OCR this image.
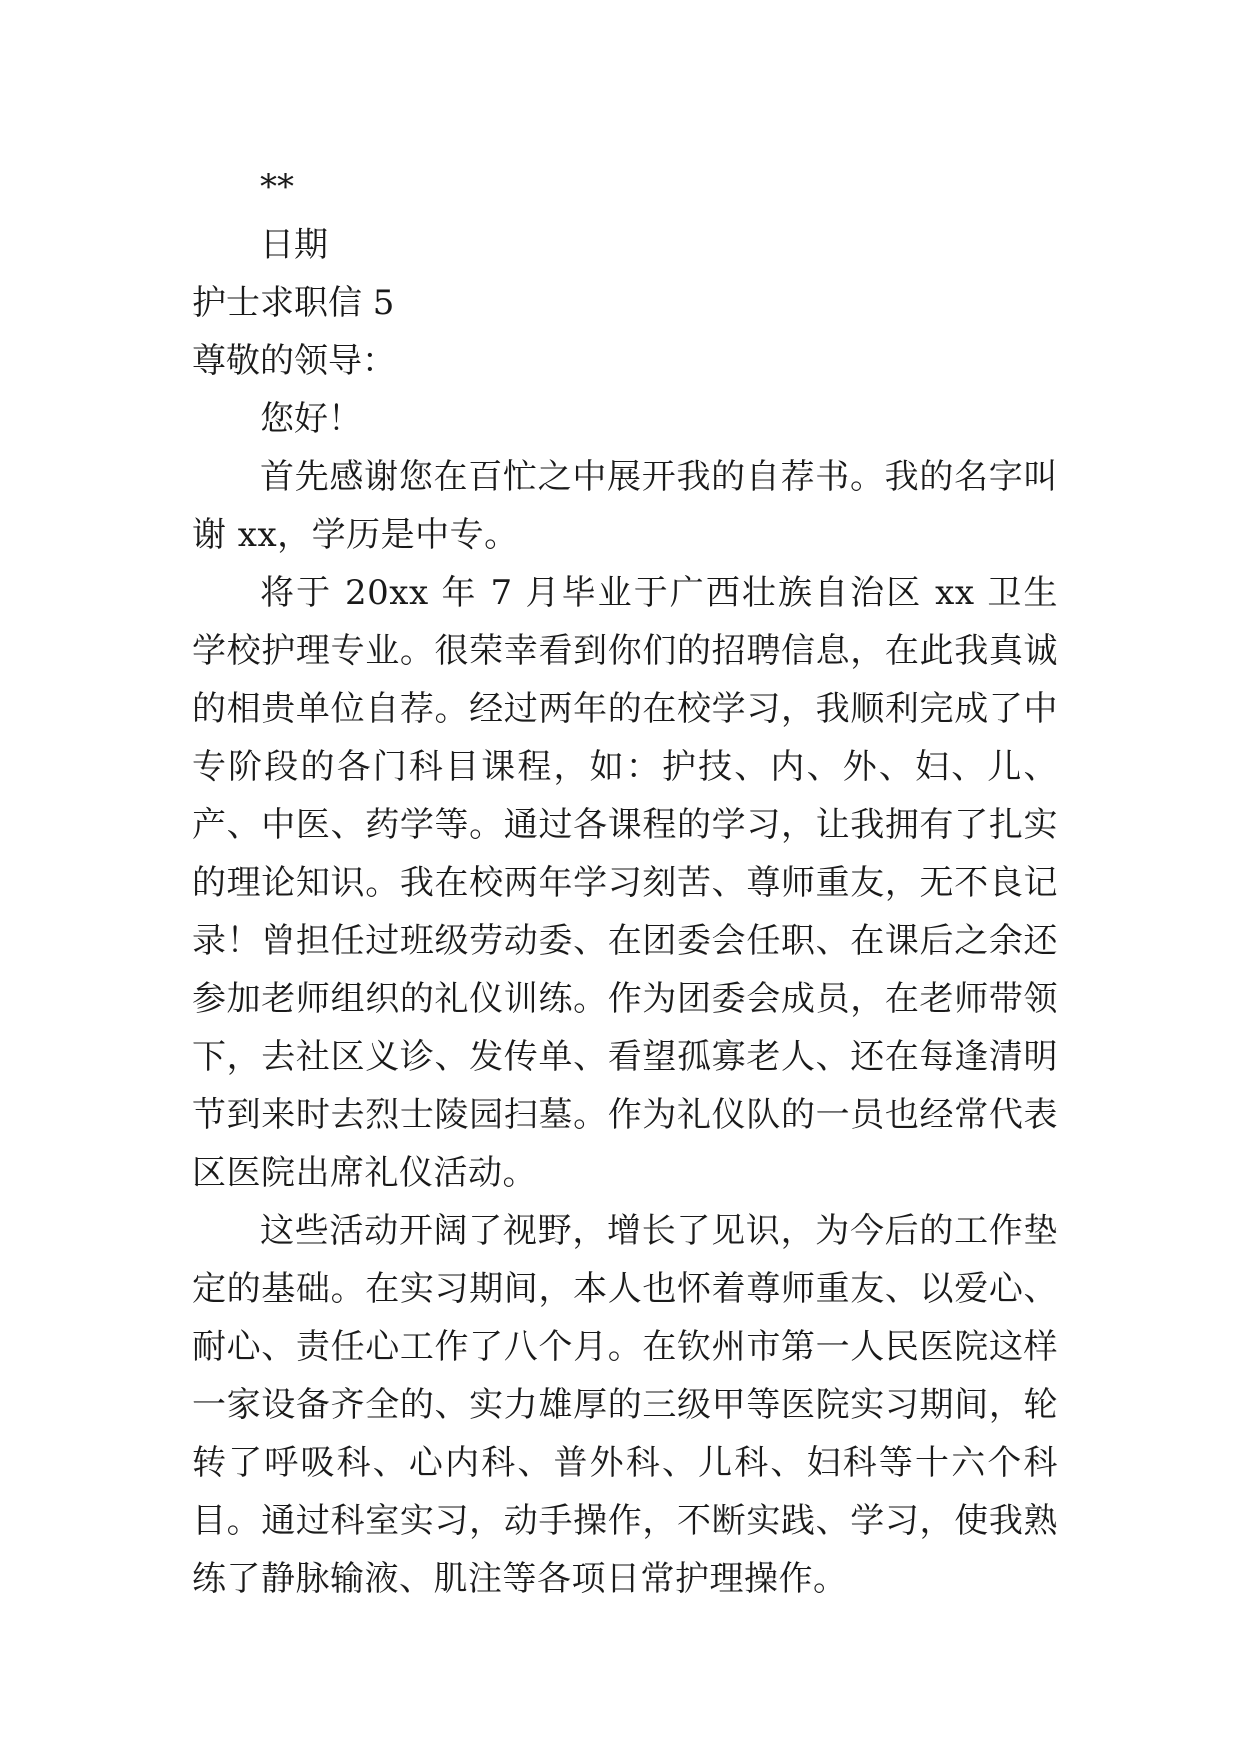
**

日期

护士求职信 5

尊敬的领导：

您好！

首先感谢您在百忙之中展开我的自荐书。我的名字叫谢 xx，学历是中专。

将于 20xx 年 7 月毕业于广西壮族自治区 xx 卫生学校护理专业。很荣幸看到你们的招聘信息，在此我真诚的相贵单位自荐。经过两年的在校学习，我顺利完成了中专阶段的各门科目课程，如：护技、内、外、妇、儿、产、中医、药学等。通过各课程的学习，让我拥有了扎实的理论知识。我在校两年学习刻苦、尊师重友，无不良记录！曾担任过班级劳动委、在团委会任职、在课后之余还参加老师组织的礼仪训练。作为团委会成员，在老师带领下，去社区义诊、发传单、看望孤寡老人、还在每逢清明节到来时去烈士陵园扫墓。作为礼仪队的一员也经常代表区医院出席礼仪活动。

这些活动开阔了视野，增长了见识，为今后的工作垫定的基础。在实习期间，本人也怀着尊师重友、以爱心、耐心、责任心工作了八个月。在钦州市第一人民医院这样一家设备齐全的、实力雄厚的三级甲等医院实习期间，轮转了呼吸科、心内科、普外科、儿科、妇科等十六个科目。通过科室实习，动手操作，不断实践、学习，使我熟练了静脉输液、肌注等各项日常护理操作。
